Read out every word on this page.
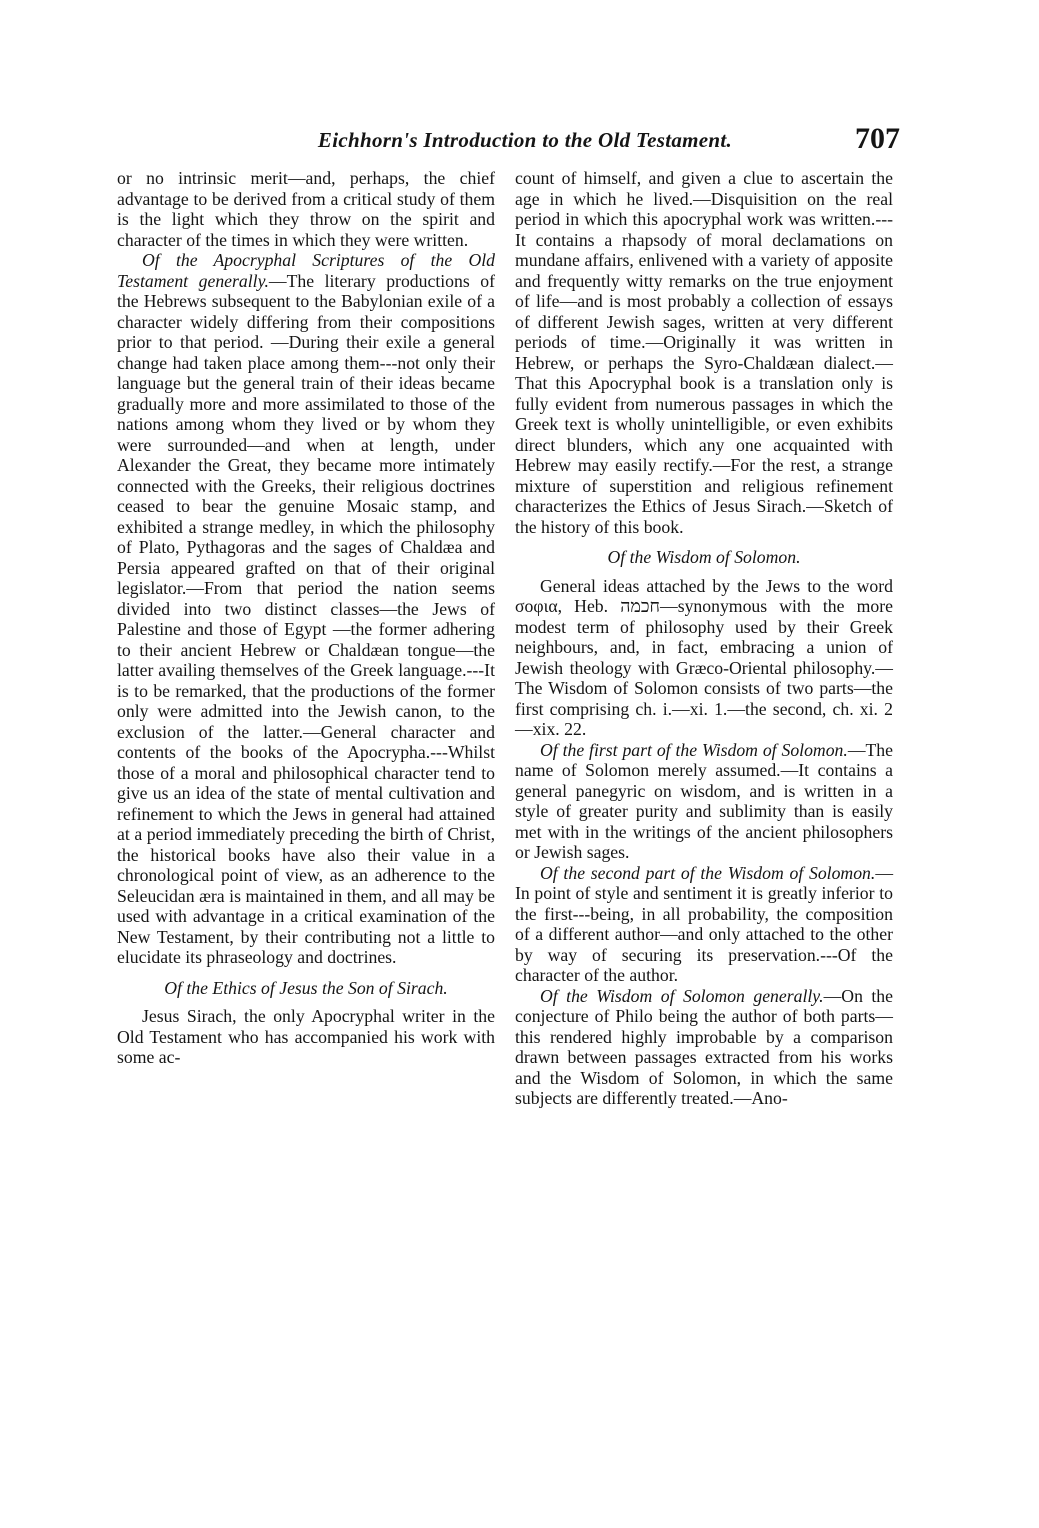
Eichhorn's Introduction to the Old Testament.	707

or no intrinsic merit—and, perhaps, the chief advantage to be derived from a critical study of them is the light which they throw on the spirit and character of the times in which they were written.

Of the Apocryphal Scriptures of the Old Testament generally.—The literary productions of the Hebrews subsequent to the Babylonian exile of a character widely differing from their compositions prior to that period. —During their exile a general change had taken place among them---not only their language but the general train of their ideas became gradually more and more assimilated to those of the nations among whom they lived or by whom they were surrounded—and when at length, under Alexander the Great, they became more intimately connected with the Greeks, their religious doctrines ceased to bear the genuine Mosaic stamp, and exhibited a strange medley, in which the philosophy of Plato, Pythagoras and the sages of Chaldæa and Persia appeared grafted on that of their original legislator.—From that period the nation seems divided into two distinct classes—the Jews of Palestine and those of Egypt —the former adhering to their ancient Hebrew or Chaldæan tongue—the latter availing themselves of the Greek language.---It is to be remarked, that the productions of the former only were admitted into the Jewish canon, to the exclusion of the latter.—General character and contents of the books of the Apocrypha.---Whilst those of a moral and philosophical character tend to give us an idea of the state of mental cultivation and refinement to which the Jews in general had attained at a period immediately preceding the birth of Christ, the historical books have also their value in a chronological point of view, as an adherence to the Seleucidan æra is maintained in them, and all may be used with advantage in a critical examination of the New Testament, by their contributing not a little to elucidate its phraseology and doctrines.

Of the Ethics of Jesus the Son of Sirach.

Jesus Sirach, the only Apocryphal writer in the Old Testament who has accompanied his work with some ac-

count of himself, and given a clue to ascertain the age in which he lived.—Disquisition on the real period in which this apocryphal work was written.---It contains a rhapsody of moral declamations on mundane affairs, enlivened with a variety of apposite and frequently witty remarks on the true enjoyment of life—and is most probably a collection of essays of different Jewish sages, written at very different periods of time.—Originally it was written in Hebrew, or perhaps the Syro-Chaldæan dialect.—That this Apocryphal book is a translation only is fully evident from numerous passages in which the Greek text is wholly unintelligible, or even exhibits direct blunders, which any one acquainted with Hebrew may easily rectify.—For the rest, a strange mixture of superstition and religious refinement characterizes the Ethics of Jesus Sirach.—Sketch of the history of this book.

Of the Wisdom of Solomon.

General ideas attached by the Jews to the word σοφια, Heb. חכמה—synonymous with the more modest term of philosophy used by their Greek neighbours, and, in fact, embracing a union of Jewish theology with Græco-Oriental philosophy.—The Wisdom of Solomon consists of two parts—the first comprising ch. i.—xi. 1.—the second, ch. xi. 2—xix. 22.

Of the first part of the Wisdom of Solomon.—The name of Solomon merely assumed.—It contains a general panegyric on wisdom, and is written in a style of greater purity and sublimity than is easily met with in the writings of the ancient philosophers or Jewish sages.

Of the second part of the Wisdom of Solomon.—In point of style and sentiment it is greatly inferior to the first---being, in all probability, the composition of a different author—and only attached to the other by way of securing its preservation.---Of the character of the author.

Of the Wisdom of Solomon generally.—On the conjecture of Philo being the author of both parts—this rendered highly improbable by a comparison drawn between passages extracted from his works and the Wisdom of Solomon, in which the same subjects are differently treated.—Ano-
